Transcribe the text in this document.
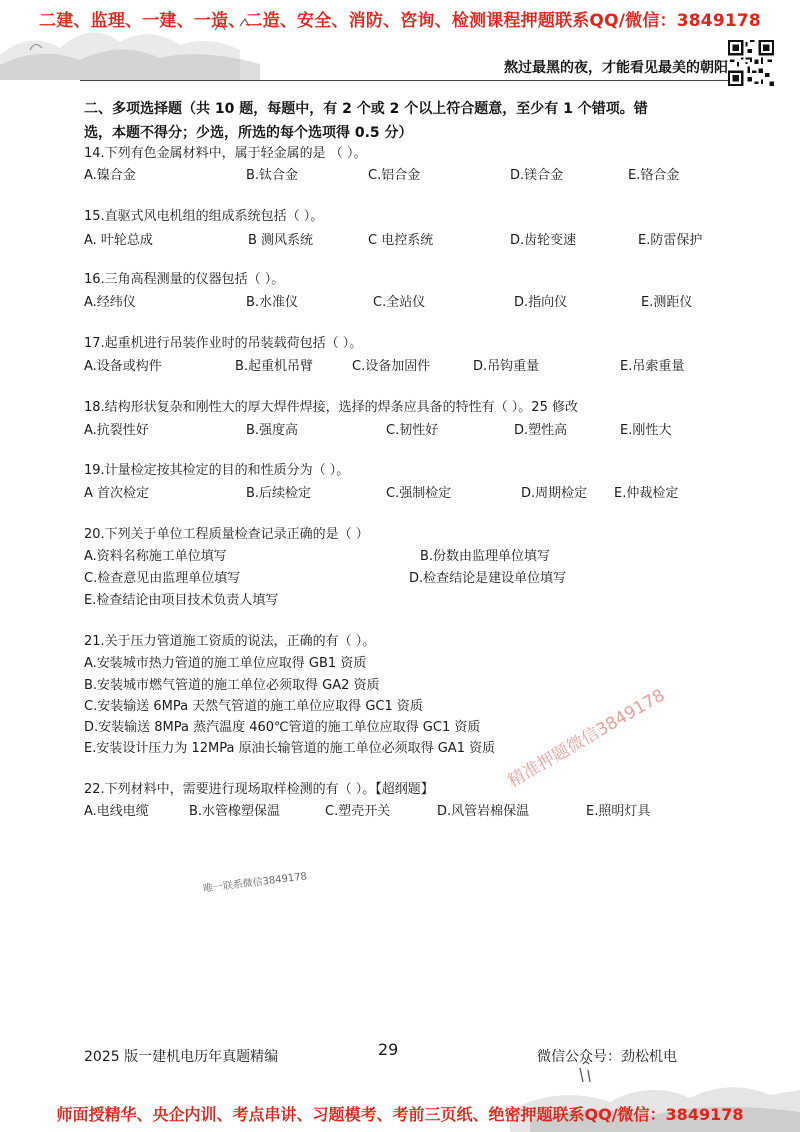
二建、监理、一建、一造、二造、安全、消防、咨询、检测课程押题联系QQ/微信：3849178
熬过最黑的夜，才能看见最美的朝阳
二、多项选择题（共 10 题，每题中，有 2 个或 2 个以上符合题意，至少有 1 个错项。错
选，本题不得分；少选，所选的每个选项得 0.5 分）
14.下列有色金属材料中，属于轻金属的是 （ ）。
A.镍合金	B.钛合金	C.铝合金	D.镁合金	E.铬合金
15.直驱式风电机组的组成系统包括（ ）。
A. 叶轮总成	B 测风系统	C 电控系统	D.齿轮变速	E.防雷保护
16.三角高程测量的仪器包括（ ）。
A.经纬仪	B.水准仪	C.全站仪	D.指向仪	E.测距仪
17.起重机进行吊装作业时的吊装载荷包括（ ）。
A.设备或构件	B.起重机吊臂	C.设备加固件	D.吊钩重量	E.吊索重量
18.结构形状复杂和刚性大的厚大焊件焊接，选择的焊条应具备的特性有（ ）。25 修改
A.抗裂性好	B.强度高	C.韧性好	D.塑性高	E.刚性大
19.计量检定按其检定的目的和性质分为（ ）。
A 首次检定	B.后续检定	C.强制检定	D.周期检定 E.仲裁检定
20.下列关于单位工程质量检查记录正确的是（ ）
A.资料名称施工单位填写	B.份数由监理单位填写
C.检查意见由监理单位填写	D.检查结论是建设单位填写
E.检查结论由项目技术负责人填写
21.关于压力管道施工资质的说法，正确的有（ ）。
A.安装城市热力管道的施工单位应取得 GB1 资质
B.安装城市燃气管道的施工单位必须取得 GA2 资质
C.安装输送 6MPa 天然气管道的施工单位应取得 GC1 资质
D.安装输送 8MPa 蒸汽温度 460℃管道的施工单位应取得 GC1 资质
E.安装设计压力为 12MPa 原油长输管道的施工单位必须取得 GA1 资质
22.下列材料中，需要进行现场取样检测的有（ ）。【超纲题】
A.电线电缆	B.水管橡塑保温	C.塑壳开关	D.风管岩棉保温	E.照明灯具
精准押题微信3849178
唯一联系微信3849178
2025 版一建机电历年真题精编	29	微信公众号：劲松机电
师面授精华、央企内训、考点串讲、习题模考、考前三页纸、绝密押题联系QQ/微信：3849178
